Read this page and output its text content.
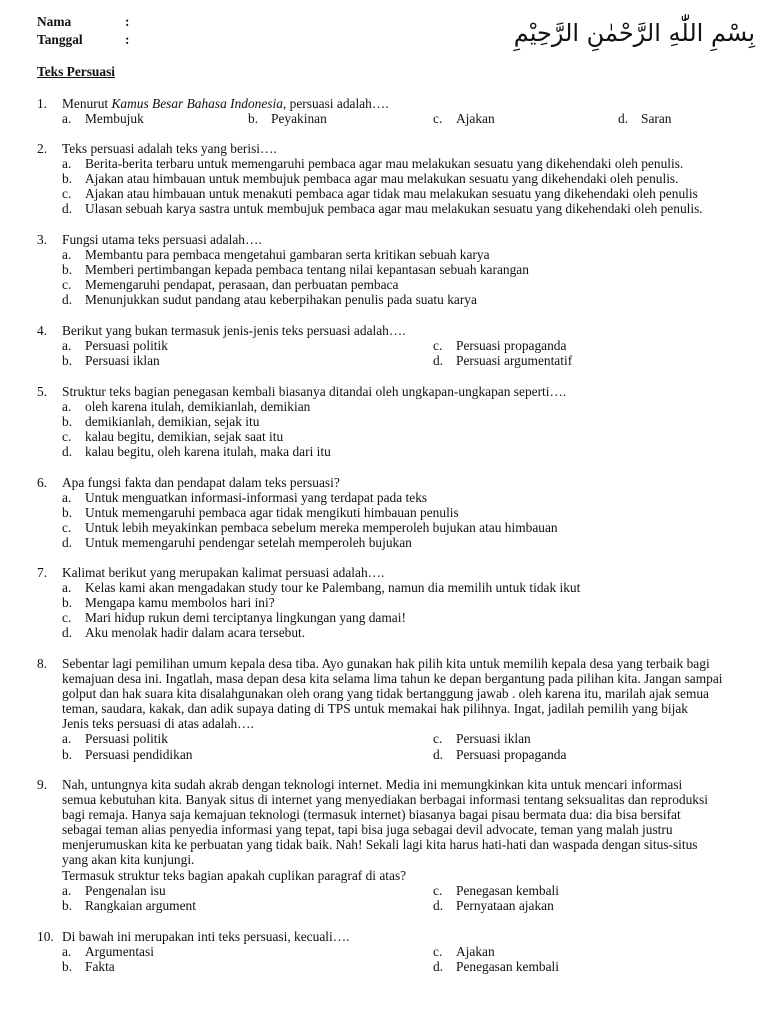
Nama	:
Tanggal	:	بِسْمِ اللّٰهِ الرَّحْمٰنِ الرَّحِيْمِ
Teks Persuasi
1. Menurut Kamus Besar Bahasa Indonesia, persuasi adalah….
a. Membujuk	b. Peyakinan	c. Ajakan	d. Saran
2. Teks persuasi adalah teks yang berisi….
a. Berita-berita terbaru untuk memengaruhi pembaca agar mau melakukan sesuatu yang dikehendaki oleh penulis.
b. Ajakan atau himbauan untuk membujuk pembaca agar mau melakukan sesuatu yang dikehendaki oleh penulis.
c. Ajakan atau himbauan untuk menakuti pembaca agar tidak mau melakukan sesuatu yang dikehendaki oleh penulis
d. Ulasan sebuah karya sastra untuk membujuk pembaca agar mau melakukan sesuatu yang dikehendaki oleh penulis.
3. Fungsi utama teks persuasi adalah….
a. Membantu para pembaca mengetahui gambaran serta kritikan sebuah karya
b. Memberi pertimbangan kepada pembaca tentang nilai kepantasan sebuah karangan
c. Memengaruhi pendapat, perasaan, dan perbuatan pembaca
d. Menunjukkan sudut pandang atau keberpihakan penulis pada suatu karya
4. Berikut yang bukan termasuk jenis-jenis teks persuasi adalah….
a. Persuasi politik	c. Persuasi propaganda
b. Persuasi iklan	d. Persuasi argumentatif
5. Struktur teks bagian penegasan kembali biasanya ditandai oleh ungkapan-ungkapan seperti….
a. oleh karena itulah, demikianlah, demikian
b. demikianlah, demikian, sejak itu
c. kalau begitu, demikian, sejak saat itu
d. kalau begitu, oleh karena itulah, maka dari itu
6. Apa fungsi fakta dan pendapat dalam teks persuasi?
a. Untuk menguatkan informasi-informasi yang terdapat pada teks
b. Untuk memengaruhi pembaca agar tidak mengikuti himbauan penulis
c. Untuk lebih meyakinkan pembaca sebelum mereka memperoleh bujukan atau himbauan
d. Untuk memengaruhi pendengar setelah memperoleh bujukan
7. Kalimat berikut yang merupakan kalimat persuasi adalah….
a. Kelas kami akan mengadakan study tour ke Palembang, namun dia memilih untuk tidak ikut
b. Mengapa kamu membolos hari ini?
c. Mari hidup rukun demi terciptanya lingkungan yang damai!
d. Aku menolak hadir dalam acara tersebut.
8. Sebentar lagi pemilihan umum kepala desa tiba. Ayo gunakan hak pilih kita untuk memilih kepala desa yang terbaik bagi
kemajuan desa ini. Ingatlah, masa depan desa kita selama lima tahun ke depan bergantung pada pilihan kita. Jangan sampai
golput dan hak suara kita disalahgunakan oleh orang yang tidak bertanggung jawab . oleh karena itu, marilah ajak semua
teman, saudara, kakak, dan adik supaya dating di TPS untuk memakai hak pilihnya. Ingat, jadilah pemilih yang bijak
Jenis teks persuasi di atas adalah….
a. Persuasi politik	c. Persuasi iklan
b. Persuasi pendidikan	d. Persuasi propaganda
9. Nah, untungnya kita sudah akrab dengan teknologi internet. Media ini memungkinkan kita untuk mencari informasi
semua kebutuhan kita. Banyak situs di internet yang menyediakan berbagai informasi tentang seksualitas dan reproduksi
bagi remaja. Hanya saja kemajuan teknologi (termasuk internet) biasanya bagai pisau bermata dua: dia bisa bersifat
sebagai teman alias penyedia informasi yang tepat, tapi bisa juga sebagai devil advocate, teman yang malah justru
menjerumuskan kita ke perbuatan yang tidak baik. Nah! Sekali lagi kita harus hati-hati dan waspada dengan situs-situs
yang akan kita kunjungi.
Termasuk struktur teks bagian apakah cuplikan paragraf di atas?
a. Pengenalan isu	c. Penegasan kembali
b. Rangkaian argument	d. Pernyataan ajakan
10. Di bawah ini merupakan inti teks persuasi, kecuali….
a. Argumentasi	c. Ajakan
b. Fakta	d. Penegasan kembali
